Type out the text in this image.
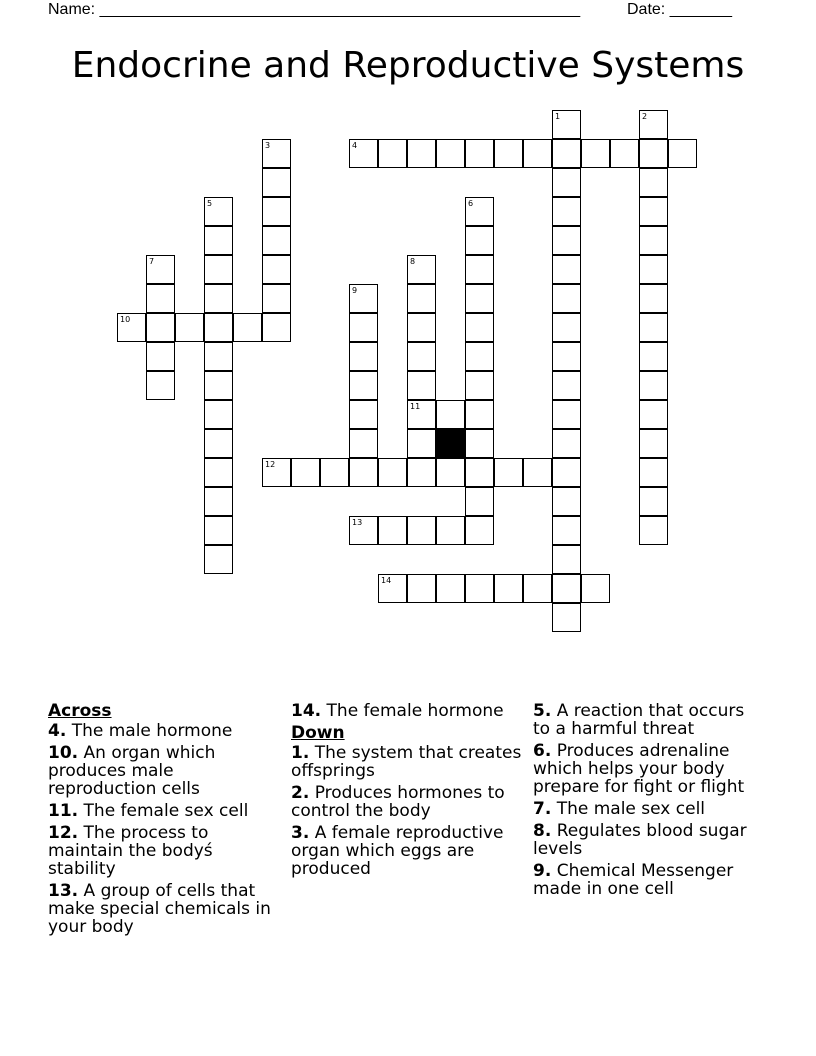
Name: ______________________________________________________	Date: _______
Endocrine and Reproductive Systems
1	2
3	4
5	6
7	8
11
9
10
12
13
14
Across
4. The male hormone
10. An organ which produces male reproduction cells
11. The female sex cell
12. The process to maintain the bodyś stability
13. A group of cells that make special chemicals in your body
14. The female hormone
Down
1. The system that creates offsprings
2. Produces hormones to control the body
3. A female reproductive organ which eggs are produced
5. A reaction that occurs to a harmful threat
6. Produces adrenaline which helps your body prepare for fight or flight
7. The male sex cell
8. Regulates blood sugar levels
9. Chemical Messenger made in one cell
